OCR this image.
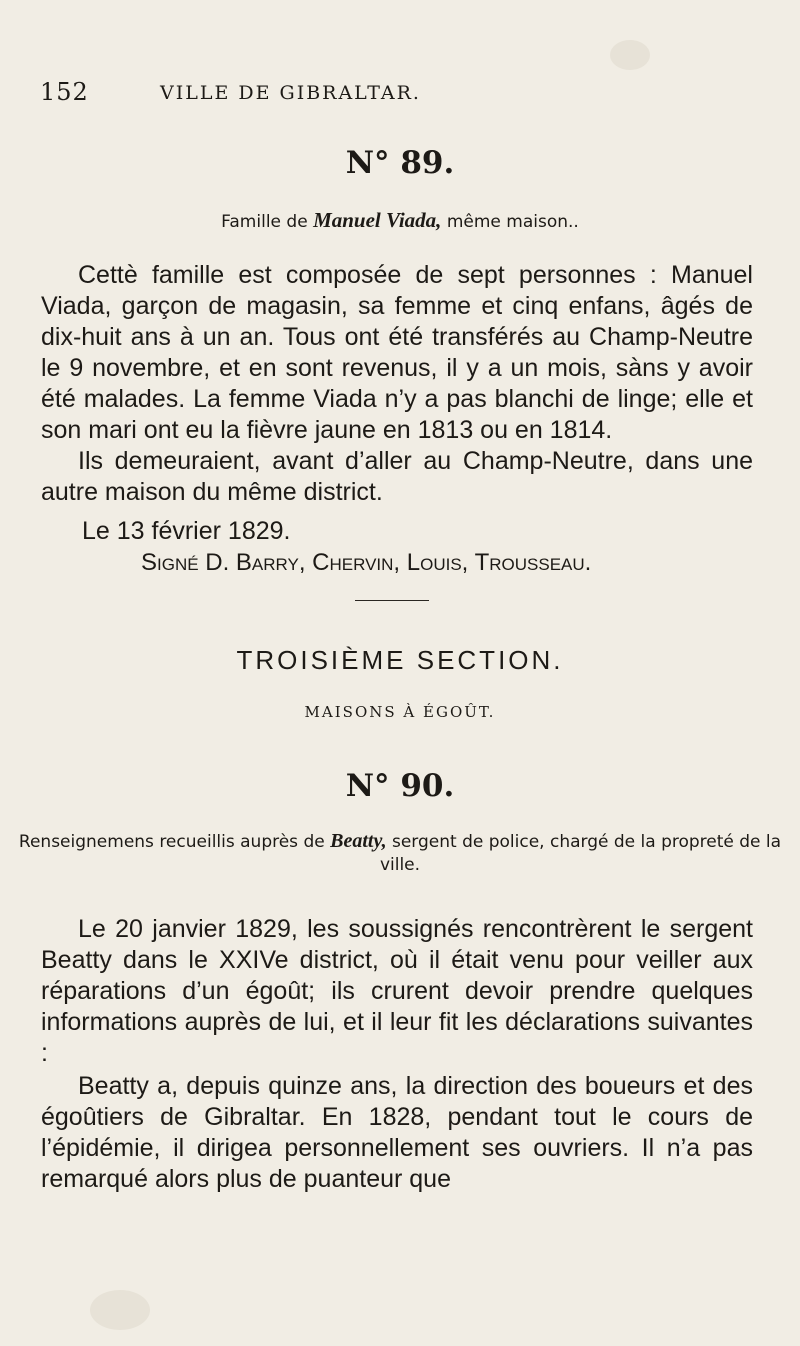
152	VILLE DE GIBRALTAR.
N° 89.
Famille de Manuel Viada, même maison..

Cettè famille est composée de sept personnes : Manuel Viada, garçon de magasin, sa femme et cinq enfans, âgés de dix-huit ans à un an. Tous ont été transférés au Champ-Neutre le 9 novembre, et en sont revenus, il y a un mois, sàns y avoir été malades. La femme Viada n’y a pas blanchi de linge; elle et son mari ont eu la fièvre jaune en 1813 ou en 1814.

Ils demeuraient, avant d’aller au Champ-Neutre, dans une autre maison du même district.

Le 13 février 1829.
Signé D. Barry, Chervin, Louis, Trousseau.
TROISIÈME SECTION.
MAISONS À ÉGOÛT.
N° 90.
Renseignemens recueillis auprès de Beatty, sergent de police, chargé de la propreté de la ville.

Le 20 janvier 1829, les soussignés rencontrèrent le sergent Beatty dans le XXIVe district, où il était venu pour veiller aux réparations d’un égoût; ils crurent devoir prendre quelques informations auprès de lui, et il leur fit les déclarations suivantes :

Beatty a, depuis quinze ans, la direction des boueurs et des égoûtiers de Gibraltar. En 1828, pendant tout le cours de l’épidémie, il dirigea personnellement ses ouvriers. Il n’a pas remarqué alors plus de puanteur que
